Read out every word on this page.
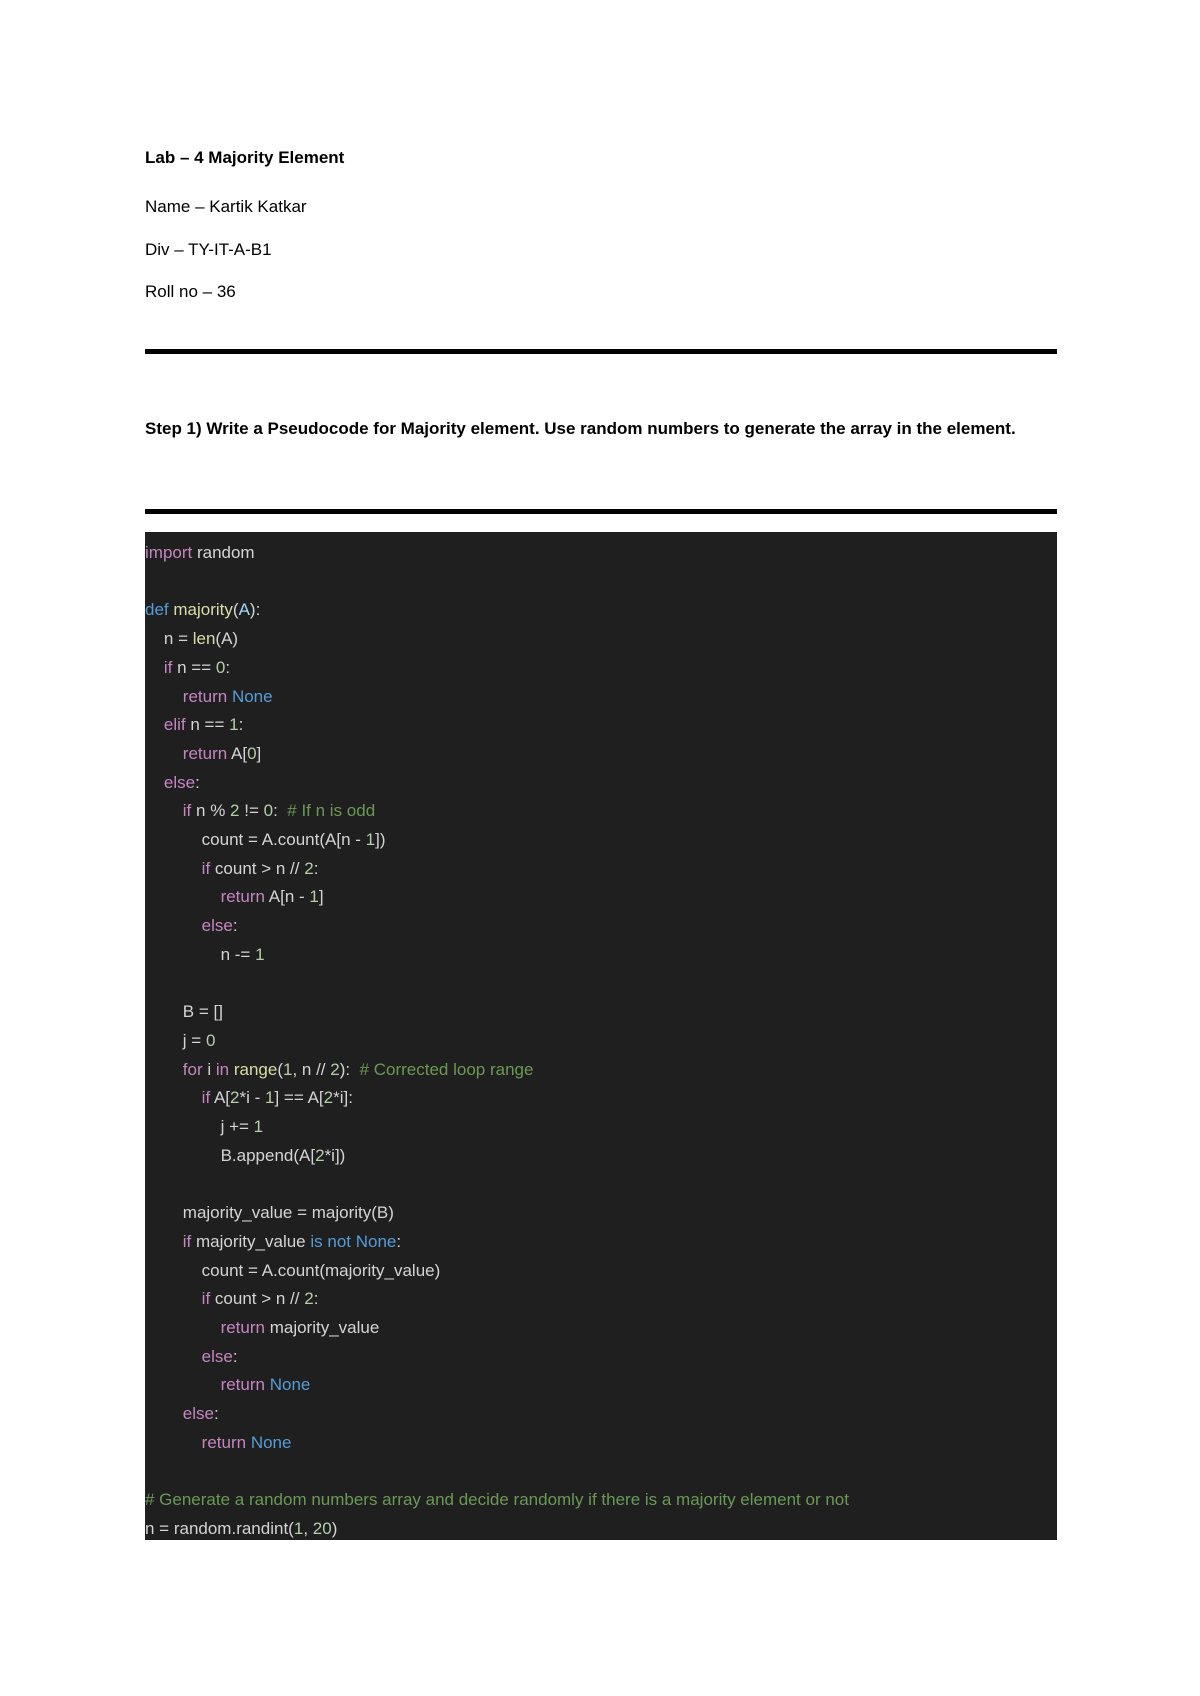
Lab – 4 Majority Element
Name – Kartik Katkar
Div – TY-IT-A-B1
Roll no – 36
Step 1) Write a Pseudocode for Majority element. Use random numbers to generate the array in the element.
import random
def majority(A):
n = len(A)
if n == 0:
return None
elif n == 1:
return A[0]
else:
if n % 2 != 0:  # If n is odd
count = A.count(A[n - 1])
if count > n // 2:
return A[n - 1]
else:
n -= 1
B = []
j = 0
for i in range(1, n // 2):  # Corrected loop range
if A[2*i - 1] == A[2*i]:
j += 1
B.append(A[2*i])
majority_value = majority(B)
if majority_value is not None:
count = A.count(majority_value)
if count > n // 2:
return majority_value
else:
return None
else:
return None
# Generate a random numbers array and decide randomly if there is a majority element or not
n = random.randint(1, 20)
